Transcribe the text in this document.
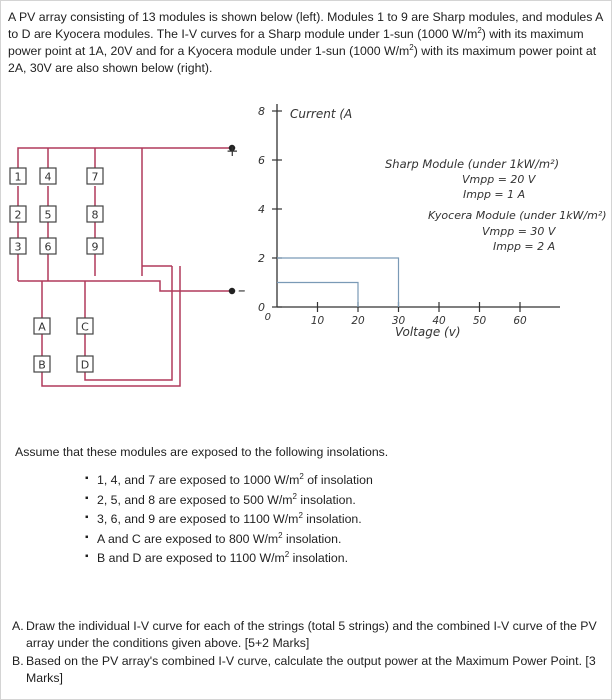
A PV array consisting of 13 modules is shown below (left). Modules 1 to 9 are Sharp modules, and modules A to D are Kyocera modules. The I-V curves for a Sharp module under 1-sun (1000 $W/m^2$) with its maximum power point at 1A, 20V and for a Kyocera module under 1-sun (1000 $W/m^2$) with its maximum power point at 2A, 30V are also shown below (right).

+
–
1 4	7
2 5	8
3 6	9
A	C
B	D
Current (A
Voltage (v)
8
6
4
2
0
10	20	30	40	50	60
0
Sharp Module (under 1kW/m²)
Vmpp = 20 V
Impp = 1 A
Kyocera Module (under 1kW/m²)
Vmpp = 30 V
Impp = 2 A

Assume that these modules are exposed to the following insolations.

▪ 1, 4, and 7 are exposed to 1000 $W/m^2$ of insolation
▪ 2, 5, and 8 are exposed to 500 $W/m^2$ insolation.
▪ 3, 6, and 9 are exposed to 1100 $W/m^2$ insolation.
▪ A and C are exposed to 800 $W/m^2$ insolation.
▪ B and D are exposed to 1100 $W/m^2$ insolation.
A. Draw the individual I-V curve for each of the strings (total 5 strings) and the combined I-V curve of the PV array under the conditions given above. [5+2 Marks]
B. Based on the PV array's combined I-V curve, calculate the output power at the Maximum Power Point. [3 Marks]
